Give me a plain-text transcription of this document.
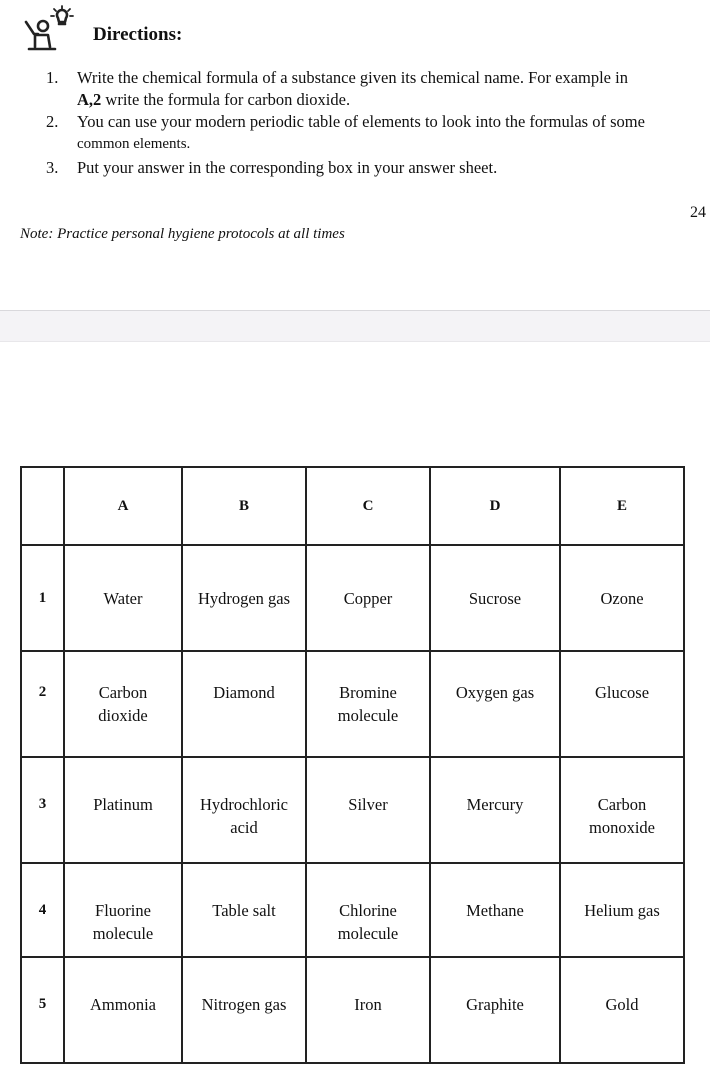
Directions:
1. Write the chemical formula of a substance given its chemical name. For example in
A,2 write the formula for carbon dioxide.
2. You can use your modern periodic table of elements to look into the formulas of some
common elements.
3. Put your answer in the corresponding box in your answer sheet.
24
Note: Practice personal hygiene protocols at all times
	A	B	C	D	E
1	Water	Hydrogen gas	Copper	Sucrose	Ozone
2	Carbon dioxide	Diamond	Bromine molecule	Oxygen gas	Glucose
3	Platinum	Hydrochloric acid	Silver	Mercury	Carbon monoxide
4	Fluorine molecule	Table salt	Chlorine molecule	Methane	Helium gas
5	Ammonia	Nitrogen gas	Iron	Graphite	Gold
